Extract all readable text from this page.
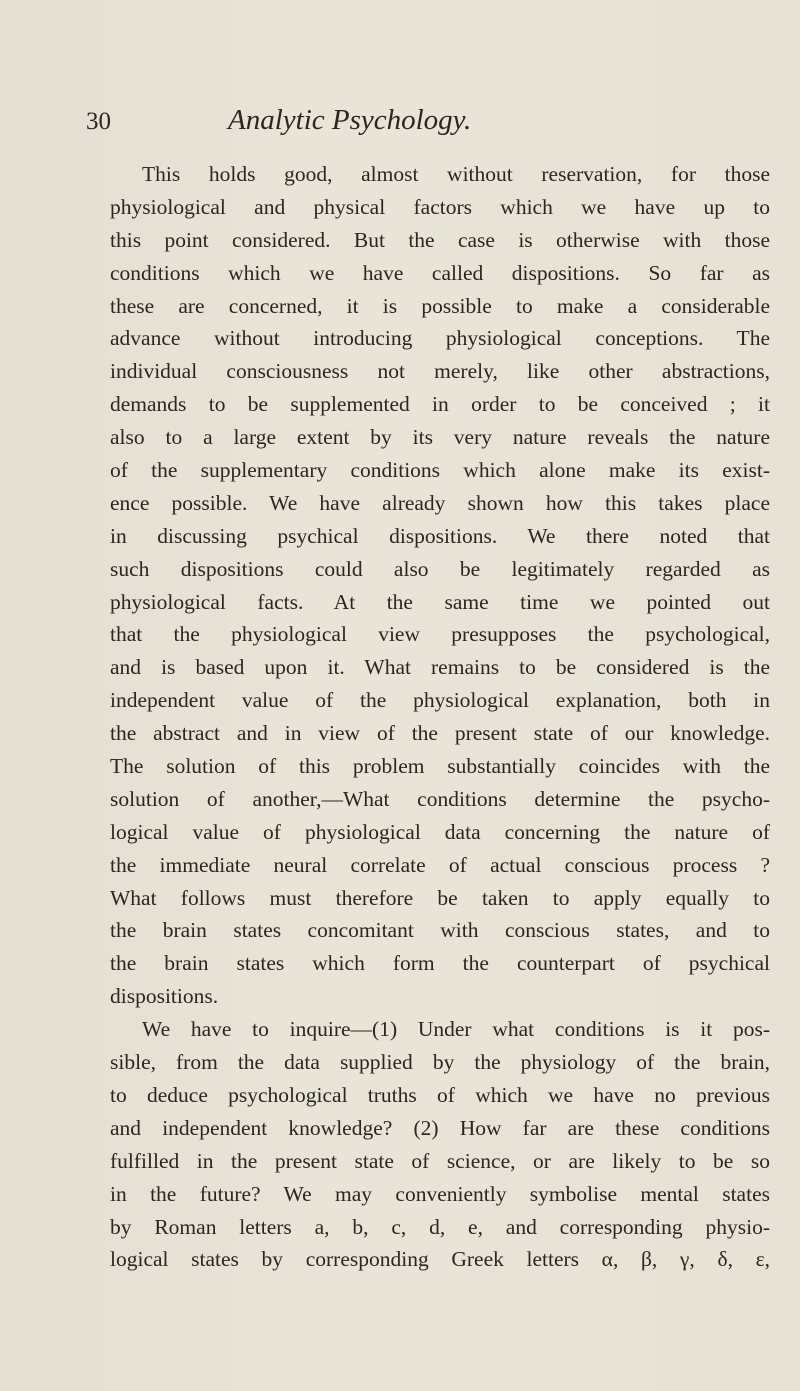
30	Analytic Psychology.
This holds good, almost without reservation, for those
physiological and physical factors which we have up to
this point considered. But the case is otherwise with those
conditions which we have called dispositions. So far as
these are concerned, it is possible to make a considerable
advance without introducing physiological conceptions. The
individual consciousness not merely, like other abstractions,
demands to be supplemented in order to be conceived ; it
also to a large extent by its very nature reveals the nature
of the supplementary conditions which alone make its exist-
ence possible. We have already shown how this takes place
in discussing psychical dispositions. We there noted that
such dispositions could also be legitimately regarded as
physiological facts. At the same time we pointed out
that the physiological view presupposes the psychological,
and is based upon it. What remains to be considered is the
independent value of the physiological explanation, both in
the abstract and in view of the present state of our knowledge.
The solution of this problem substantially coincides with the
solution of another,—What conditions determine the psycho-
logical value of physiological data concerning the nature of
the immediate neural correlate of actual conscious process ?
What follows must therefore be taken to apply equally to
the brain states concomitant with conscious states, and to
the brain states which form the counterpart of psychical
dispositions.
We have to inquire—(1) Under what conditions is it pos-
sible, from the data supplied by the physiology of the brain,
to deduce psychological truths of which we have no previous
and independent knowledge? (2) How far are these conditions
fulfilled in the present state of science, or are likely to be so
in the future? We may conveniently symbolise mental states
by Roman letters a, b, c, d, e, and corresponding physio-
logical states by corresponding Greek letters α, β, γ, δ, ε,
